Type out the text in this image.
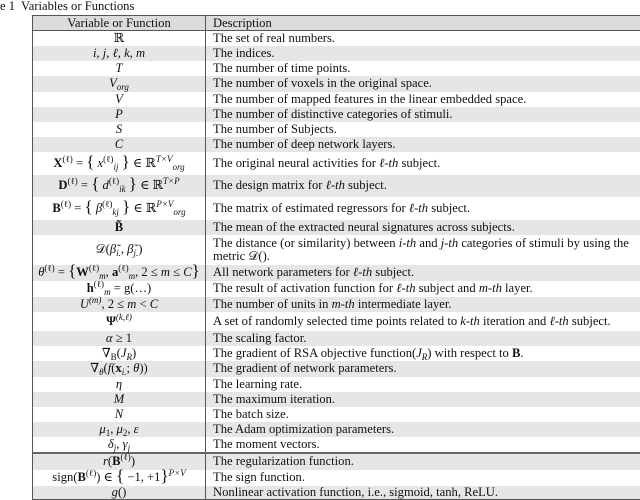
e 1 Variables or Functions
Variable or Function	Description
ℝ	The set of real numbers.
i, j, ℓ, k, m	The indices.
T	The number of time points.
$V_{org}$	The number of voxels in the original space.
V	The number of mapped features in the linear embedded space.
P	The number of distinctive categories of stimuli.
S	The number of Subjects.
C	The number of deep network layers.
$X^{(\ell)}$ = { $x^{(\ell)}_{ij}$ } ∈ ℝ$^{T\times V}_{org}$	The original neural activities for ℓ-th subject.
$D^{(\ell)}$ = { $d^{(\ell)}_{ik}$ } ∈ ℝ$^{T\times P}$	The design matrix for ℓ-th subject.
$B^{(\ell)}$ = { $\beta^{(\ell)}_{kj}$ } ∈ ℝ$^{P\times V}_{org}$	The matrix of estimated regressors for ℓ-th subject.
B̃	The mean of the extracted neural signatures across subjects.
$𝒟(\betã_{i.}$, $\betã_{j.}$)	The distance (or similarity) between i-th and j-th categories of stimuli by using the
metric 𝒟().
$\theta^{(\ell)} = \{W^{(\ell)}_m$, $a^{(\ell)}_m$, 2 ≤ m ≤ C}	All network parameters for ℓ-th subject.
$h^{(\ell)}_m$ = g(…)	The result of activation function for ℓ-th subject and m-th layer.
$U^{(m)}$, 2 ≤ m < C	The number of units in m-th intermediate layer.
$\Psi^{(k,\ell)}$	A set of randomly selected time points related to k-th iteration and ℓ-th subject.
α ≥ 1	The scaling factor.
$\nabla_B(J_R)$	The gradient of RSA objective $function(J_R)$ with respect to B.
$\nabla_\theta(f(x_{i.}$; θ))	The gradient of network parameters.
η	The learning rate.
M	The maximum iteration.
N	The batch size.
$\mu_1$, $\mu_2$, ε	The Adam optimization parameters.
$\delta_j$, $\gamma_j$	The moment vectors.
$r(B^{(\ell)})$	The regularization function.
$sign(B^{(\ell)})$ ∈ { −1, +1}$^{P\times V}$	The sign function.
g()	Nonlinear activation function, i.e., sigmoid, tanh, ReLU.
